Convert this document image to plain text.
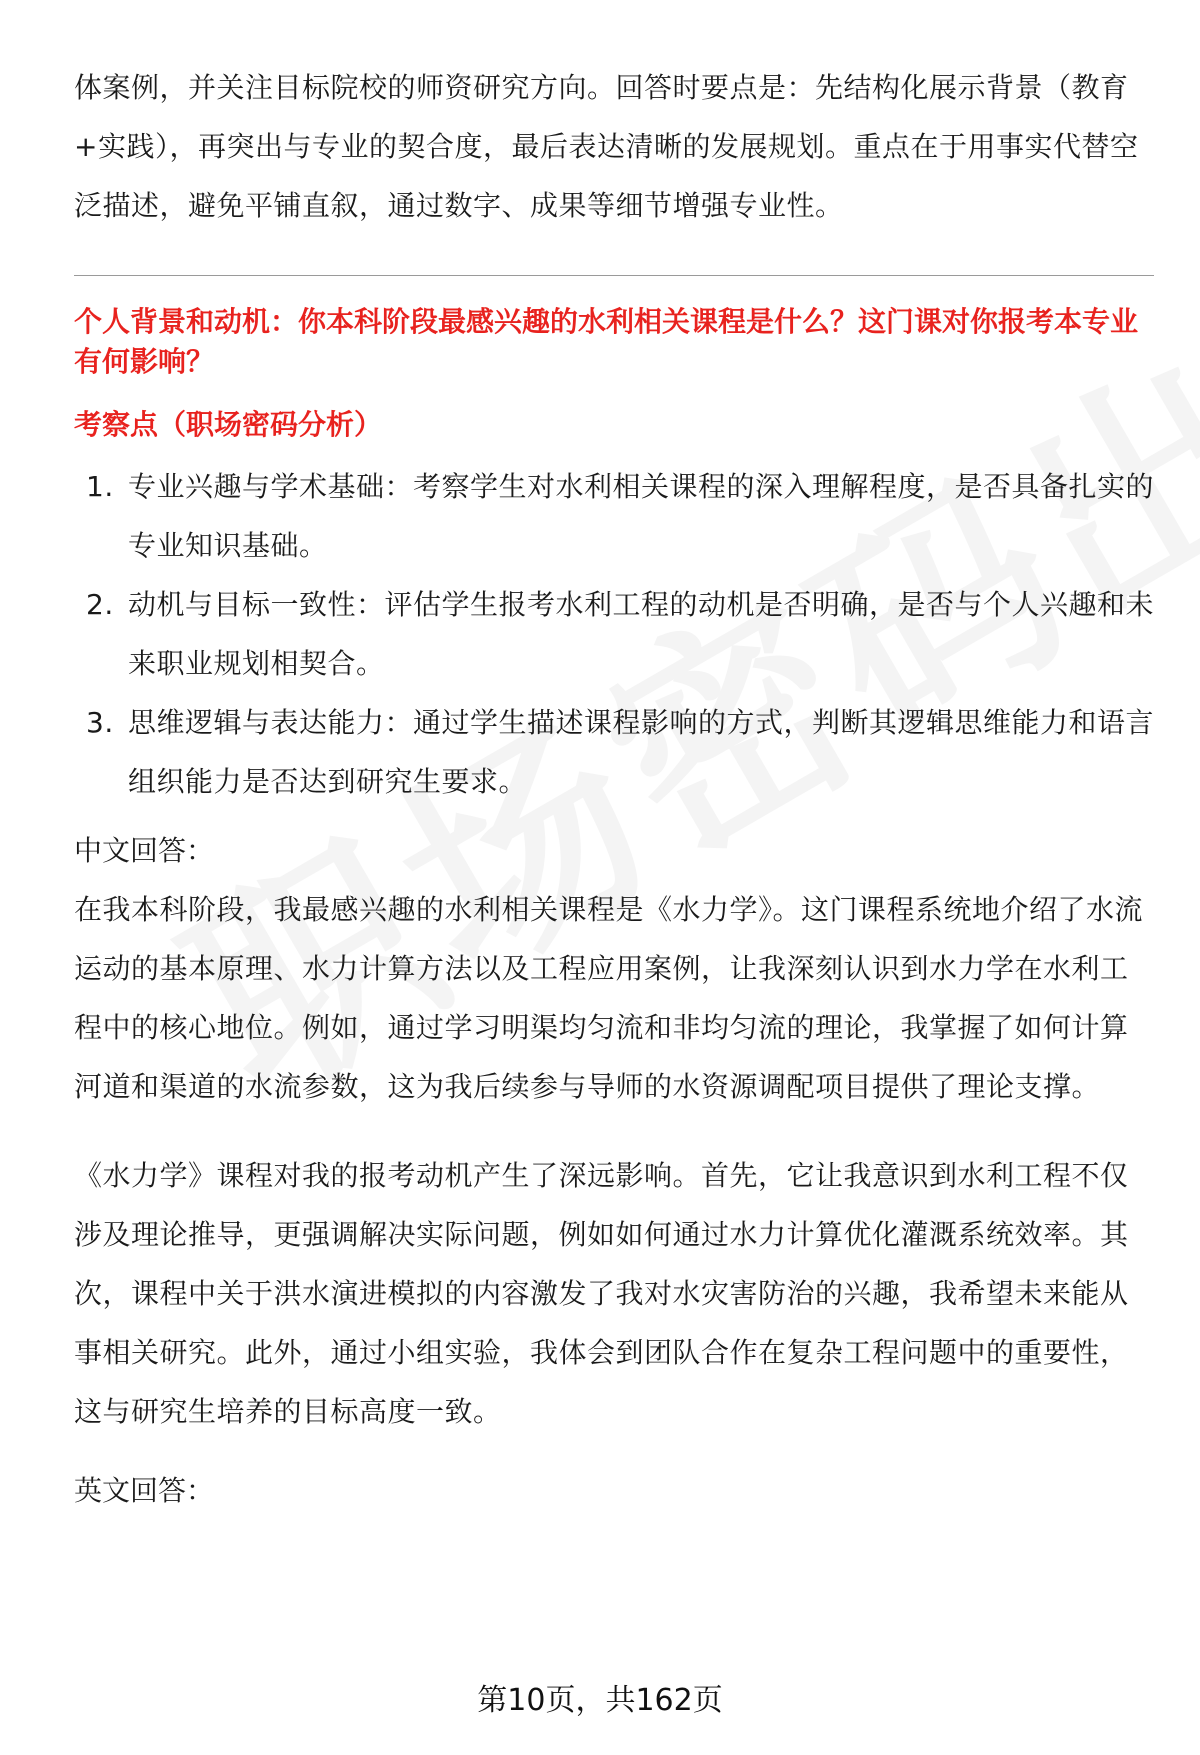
体案例，并关注目标院校的师资研究方向。回答时要点是：先结构化展示背景（教育+实践），再突出与专业的契合度，最后表达清晰的发展规划。重点在于用事实代替空泛描述，避免平铺直叙，通过数字、成果等细节增强专业性。

个人背景和动机：你本科阶段最感兴趣的水利相关课程是什么？这门课对你报考本专业有何影响？

考察点（职场密码分析）

1. 专业兴趣与学术基础：考察学生对水利相关课程的深入理解程度，是否具备扎实的专业知识基础。
2. 动机与目标一致性：评估学生报考水利工程的动机是否明确，是否与个人兴趣和未来职业规划相契合。
3. 思维逻辑与表达能力：通过学生描述课程影响的方式，判断其逻辑思维能力和语言组织能力是否达到研究生要求。

中文回答：

在我本科阶段，我最感兴趣的水利相关课程是《水力学》。这门课程系统地介绍了水流运动的基本原理、水力计算方法以及工程应用案例，让我深刻认识到水力学在水利工程中的核心地位。例如，通过学习明渠均匀流和非均匀流的理论，我掌握了如何计算河道和渠道的水流参数，这为我后续参与导师的水资源调配项目提供了理论支撑。

《水力学》课程对我的报考动机产生了深远影响。首先，它让我意识到水利工程不仅涉及理论推导，更强调解决实际问题，例如如何通过水力计算优化灌溉系统效率。其次，课程中关于洪水演进模拟的内容激发了我对水灾害防治的兴趣，我希望未来能从事相关研究。此外，通过小组实验，我体会到团队合作在复杂工程问题中的重要性，这与研究生培养的目标高度一致。

英文回答：

第10页，共162页
